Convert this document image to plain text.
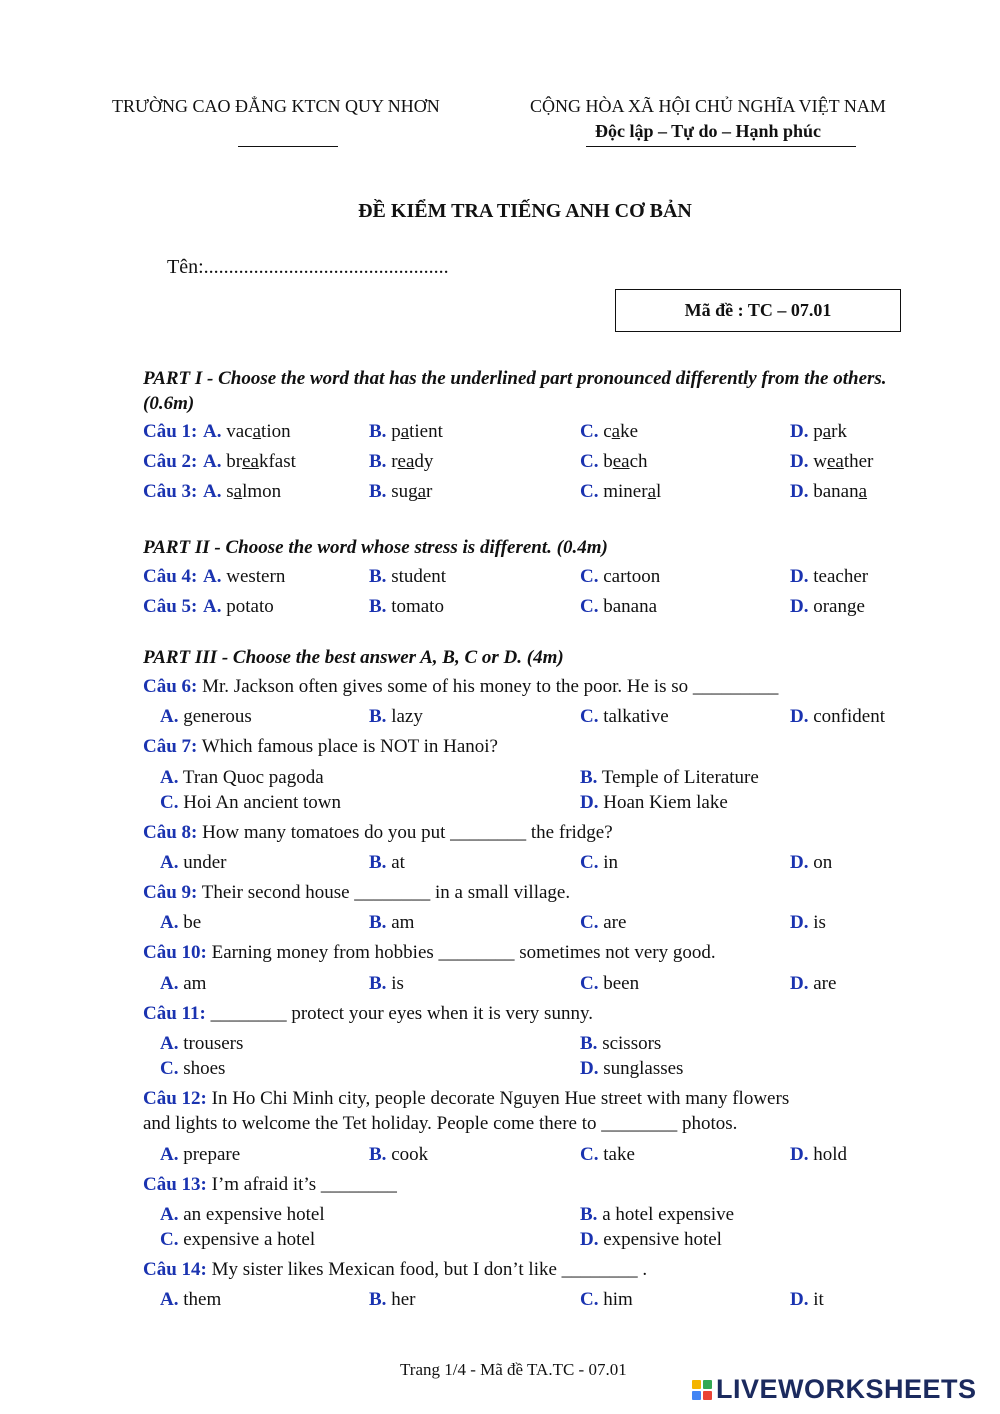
TRƯỜNG CAO ĐẲNG KTCN QUY NHƠN	CỘNG HÒA XÃ HỘI CHỦ NGHĨA VIỆT NAM
Độc lập – Tự do – Hạnh phúc
ĐỀ KIỂM TRA TIẾNG ANH CƠ BẢN
Tên:.................................................
Mã đề : TC – 07.01
PART I - Choose the word that has the underlined part pronounced differently from the others. (0.6m)
Câu 1: A. vacation	B. patient	C. cake	D. park
Câu 2: A. breakfast	B. ready	C. beach	D. weather
Câu 3: A. salmon	B. sugar	C. mineral	D. banana
PART II - Choose the word whose stress is different. (0.4m)
Câu 4: A. western	B. student	C. cartoon	D. teacher
Câu 5: A. potato	B. tomato	C. banana	D. orange
PART III - Choose the best answer A, B, C or D. (4m)
Câu 6: Mr. Jackson often gives some of his money to the poor. He is so _________
A. generous	B. lazy	C. talkative	D. confident
Câu 7: Which famous place is NOT in Hanoi?
A. Tran Quoc pagoda	B. Temple of Literature
C. Hoi An ancient town	D. Hoan Kiem lake
Câu 8: How many tomatoes do you put ________ the fridge?
A. under	B. at	C. in	D. on
Câu 9: Their second house ________ in a small village.
A. be	B. am	C. are	D. is
Câu 10: Earning money from hobbies ________ sometimes not very good.
A. am	B. is	C. been	D. are
Câu 11: ________ protect your eyes when it is very sunny.
A. trousers	B. scissors
C. shoes	D. sunglasses
Câu 12: In Ho Chi Minh city, people decorate Nguyen Hue street with many flowers
and lights to welcome the Tet holiday. People come there to ________ photos.
A. prepare	B. cook	C. take	D. hold
Câu 13: I’m afraid it’s ________
A. an expensive hotel	B. a hotel expensive
C. expensive a hotel	D. expensive hotel
Câu 14: My sister likes Mexican food, but I don’t like ________ .
A. them	B. her	C. him	D. it
Trang 1/4 - Mã đề TA.TC - 07.01
LIVEWORKSHEETS
